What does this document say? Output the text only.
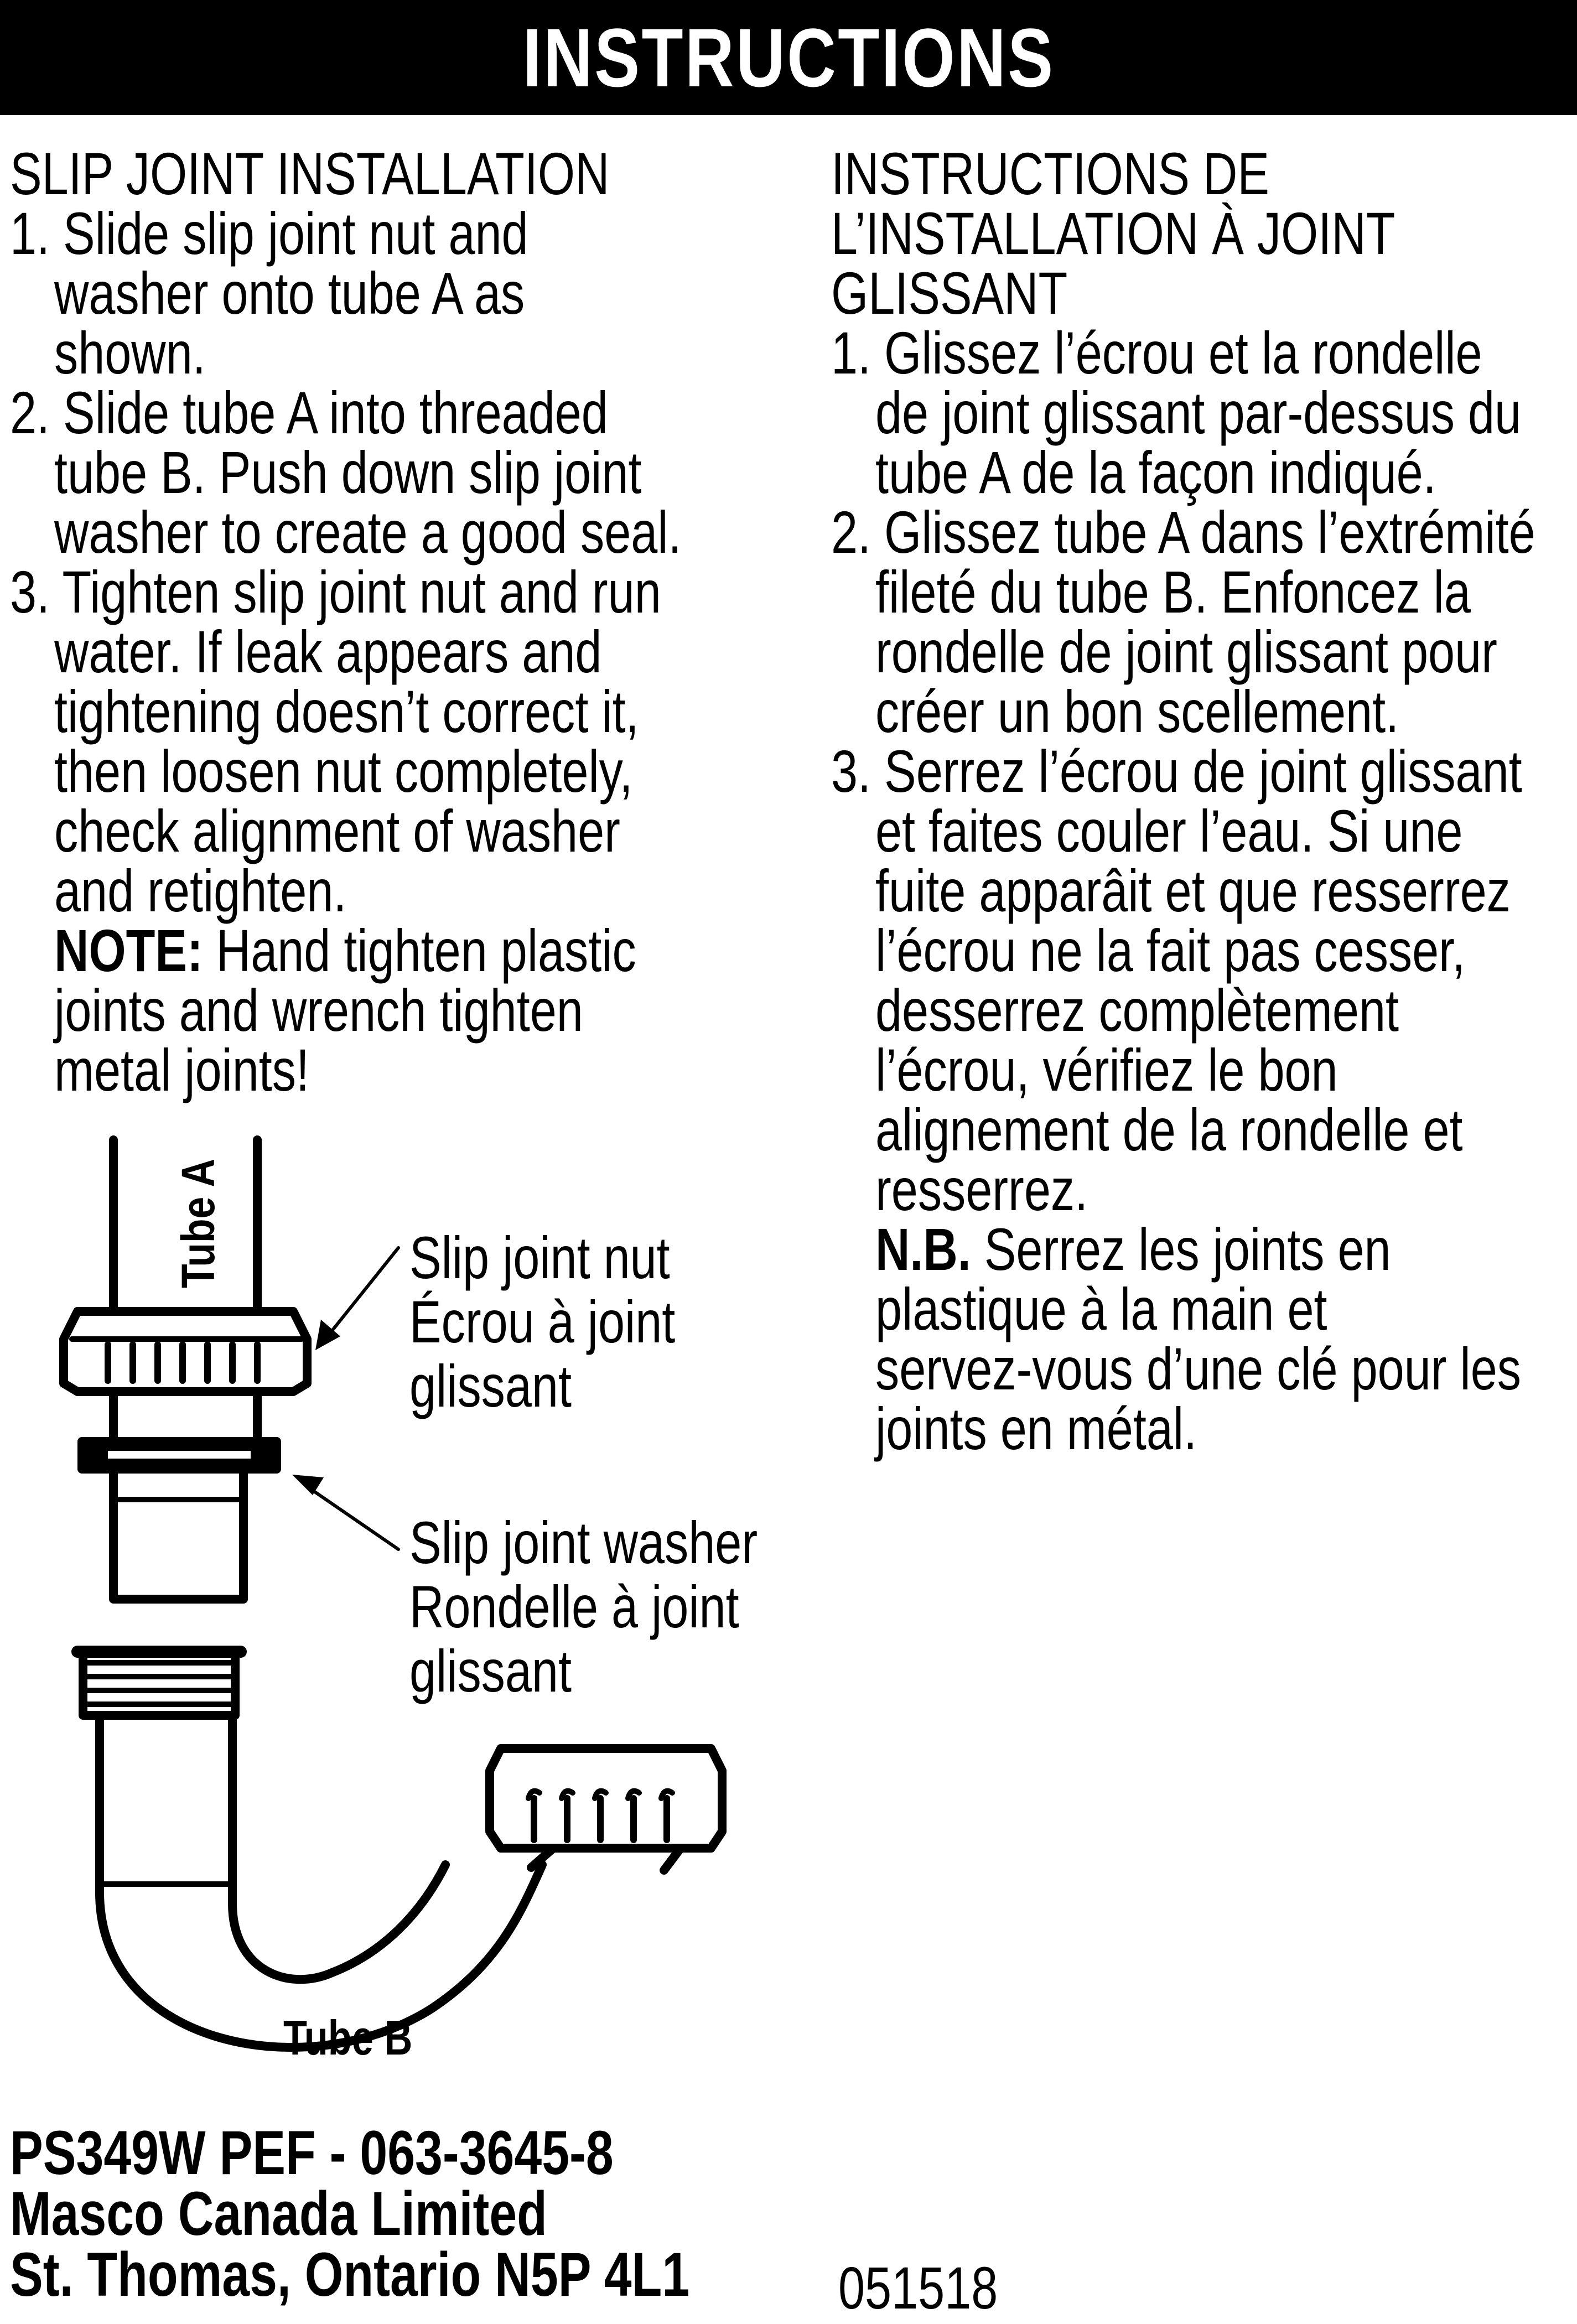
INSTRUCTIONS
SLIP JOINT INSTALLATION
1. Slide slip joint nut and
washer onto tube A as
shown.
2. Slide tube A into threaded
tube B. Push down slip joint
washer to create a good seal.
3. Tighten slip joint nut and run
water. If leak appears and
tightening doesn’t correct it,
then loosen nut completely,
check alignment of washer
and retighten.
NOTE: Hand tighten plastic
joints and wrench tighten
metal joints!
INSTRUCTIONS DE
L’INSTALLATION À JOINT
GLISSANT
1. Glissez l’écrou et la rondelle
de joint glissant par-dessus du
tube A de la façon indiqué.
2. Glissez tube A dans l’extrémité
fileté du tube B. Enfoncez la
rondelle de joint glissant pour
créer un bon scellement.
3. Serrez l’écrou de joint glissant
et faites couler l’eau. Si une
fuite apparâit et que resserrez
l’écrou ne la fait pas cesser,
desserrez complètement
l’écrou, vérifiez le bon
alignement de la rondelle et
resserrez.
N.B. Serrez les joints en
plastique à la main et
servez-vous d’une clé pour les
joints en métal.
Tube A
Tube B
Slip joint nut
Écrou à joint
glissant
Slip joint washer
Rondelle à joint
glissant
PS349W PEF - 063-3645-8
Masco Canada Limited
St. Thomas, Ontario N5P 4L1 051518
